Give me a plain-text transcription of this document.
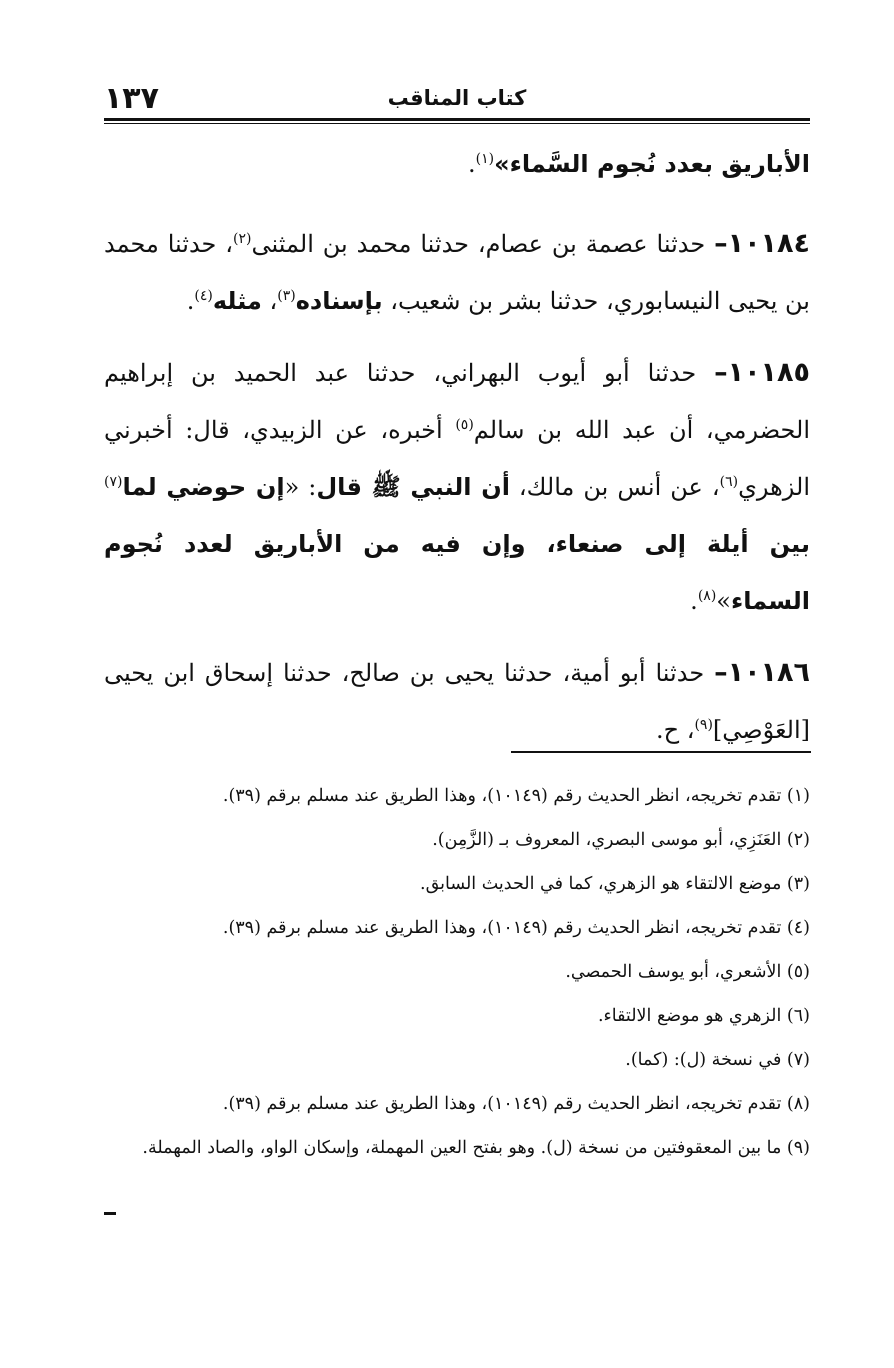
١٣٧	كتاب المناقب

الأباريق بعدد نُجوم السَّماء»$^{(١)}$.

١٠١٨٤– حدثنا عصمة بن عصام، حدثنا محمد بن المثنى$^{(٢)}$، حدثنا محمد بن يحيى النيسابوري، حدثنا بشر بن شعيب، بإسناده$^{(٣)}$، مثله$^{(٤)}$.

١٠١٨٥– حدثنا أبو أيوب البهراني، حدثنا عبد الحميد بن إبراهيم الحضرمي، أن عبد الله بن سالم$^{(٥)}$ أخبره، عن الزبيدي، قال: أخبرني الزهري$^{(٦)}$، عن أنس بن مالك، أن النبي ﷺ قال: «إن حوضي لما$^{(٧)}$ بين أيلة إلى صنعاء، وإن فيه من الأباريق لعدد نُجوم السماء»$^{(٨)}$.

١٠١٨٦– حدثنا أبو أمية، حدثنا يحيى بن صالح، حدثنا إسحاق ابن يحيى [العَوْصِي]$^{(٩)}$، ح.

(١) تقدم تخريجه، انظر الحديث رقم (١٠١٤٩)، وهذا الطريق عند مسلم برقم (٣٩).

(٢) العَنَزِي، أبو موسى البصري، المعروف بـ (الزَّمِن).

(٣) موضع الالتقاء هو الزهري، كما في الحديث السابق.

(٤) تقدم تخريجه، انظر الحديث رقم (١٠١٤٩)، وهذا الطريق عند مسلم برقم (٣٩).

(٥) الأشعري، أبو يوسف الحمصي.

(٦) الزهري هو موضع الالتقاء.

(٧) في نسخة (ل): (كما).

(٨) تقدم تخريجه، انظر الحديث رقم (١٠١٤٩)، وهذا الطريق عند مسلم برقم (٣٩).

(٩) ما بين المعقوفتين من نسخة (ل). وهو بفتح العين المهملة، وإسكان الواو، والصاد المهملة.
